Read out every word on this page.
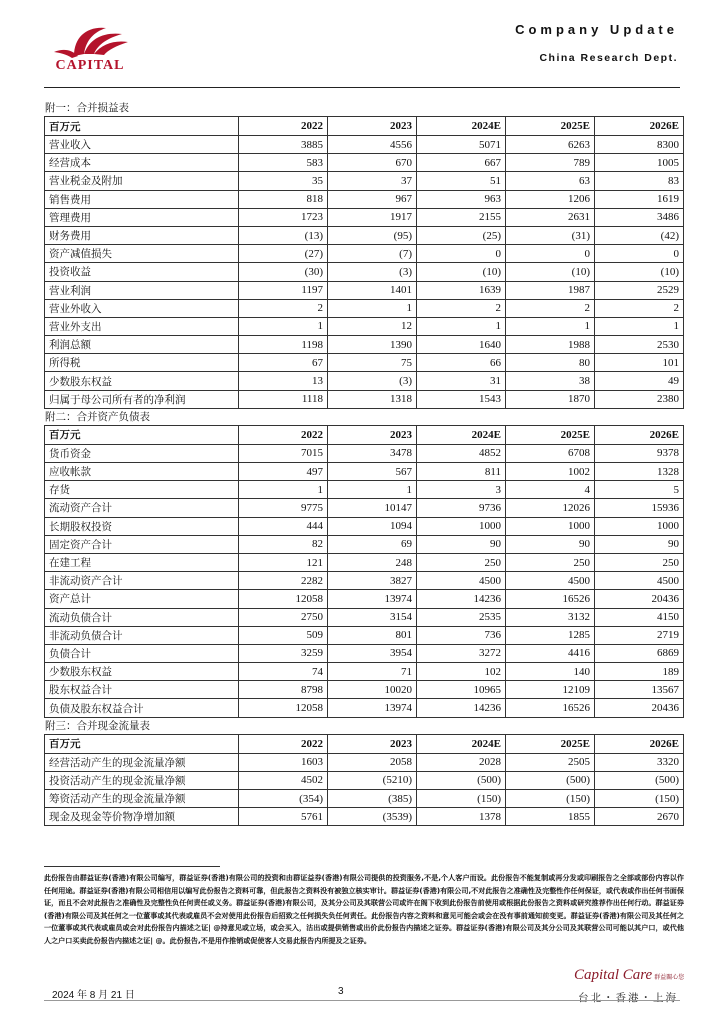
CAPITAL
Company Update
China Research Dept.
附一：合并损益表
百万元	2022	2023	2024E	2025E	2026E
营业收入	3885	4556	5071	6263	8300
经营成本	583	670	667	789	1005
营业税金及附加	35	37	51	63	83
销售费用	818	967	963	1206	1619
管理费用	1723	1917	2155	2631	3486
财务费用	(13)	(95)	(25)	(31)	(42)
资产减值损失	(27)	(7)	0	0	0
投资收益	(30)	(3)	(10)	(10)	(10)
营业利润	1197	1401	1639	1987	2529
营业外收入	2	1	2	2	2
营业外支出	1	12	1	1	1
利润总额	1198	1390	1640	1988	2530
所得税	67	75	66	80	101
少数股东权益	13	(3)	31	38	49
归属于母公司所有者的净利润	1118	1318	1543	1870	2380
附二：合并资产负债表
百万元	2022	2023	2024E	2025E	2026E
货币资金	7015	3478	4852	6708	9378
应收帐款	497	567	811	1002	1328
存货	1	1	3	4	5
流动资产合计	9775	10147	9736	12026	15936
长期股权投资	444	1094	1000	1000	1000
固定资产合计	82	69	90	90	90
在建工程	121	248	250	250	250
非流动资产合计	2282	3827	4500	4500	4500
资产总计	12058	13974	14236	16526	20436
流动负债合计	2750	3154	2535	3132	4150
非流动负债合计	509	801	736	1285	2719
负债合计	3259	3954	3272	4416	6869
少数股东权益	74	71	102	140	189
股东权益合计	8798	10020	10965	12109	13567
负债及股东权益合计	12058	13974	14236	16526	20436
附三：合并现金流量表
百万元	2022	2023	2024E	2025E	2026E
经营活动产生的现金流量净额	1603	2058	2028	2505	3320
投资活动产生的现金流量净额	4502	(5210)	(500)	(500)	(500)
筹资活动产生的现金流量净额	(354)	(385)	(150)	(150)	(150)
现金及现金等价物净增加额	5761	(3539)	1378	1855	2670
此份报告由群益证券(香港)有限公司编写，群益证券(香港)有限公司的投资和由群证益券(香港)有限公司提供的投资服务,不是,个人客户而设。此份报告不能复制或再分发或印刷报告之全部或部份内容以作任何用途。群益证券(香港)有限公司相信用以编写此份报告之资料可靠，但此报告之资料没有被独立核实审计。群益证券(香港)有限公司,不对此报告之准确性及完整性作任何保证，或代表或作出任何书面保证，而且不会对此报告之准确性及完整性负任何责任或义务。群益证券(香港)有限公司，及其分公司及其联营公司或许在阁下收到此份报告前使用或根据此份报告之资料或研究推荐作出任何行动。群益证券(香港)有限公司及其任何之一位董事或其代表或雇员不会对使用此份报告后招致之任何损失负任何责任。此份报告内容之资料和意见可能会或会在没有事前通知前变更。群益证券(香港)有限公司及其任何之一位董事或其代表或雇员或会对此份报告内描述之证| @持意见或立场，或会买入，沽出或提供销售或出价此份报告内描述之证券。群益证券(香港)有限公司及其分公司及其联营公司可能以其户口，或代他人之户口买卖此份报告内描述之证| @。此份报告,不是用作推销或促使客人交易此报告内所提及之证券。
Capital Care 群益關心您
2024 年 8 月 21 日	3
台北・香港・上海
